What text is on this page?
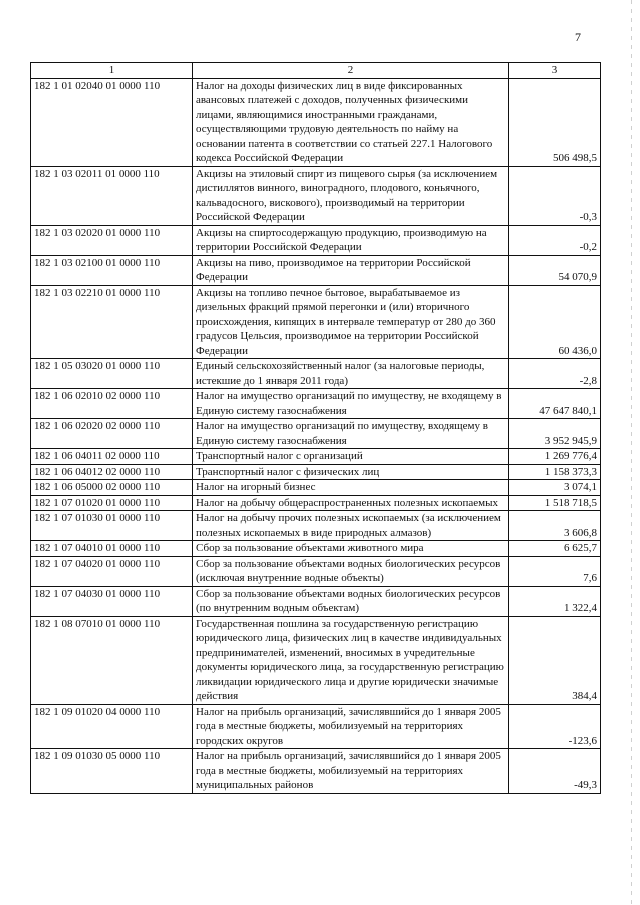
7
1	2	3
182 1 01 02040 01 0000 110	Налог на доходы физических лиц в виде фиксированных авансовых платежей с доходов, полученных физическими лицами, являющимися иностранными гражданами, осуществляющими трудовую деятельность по найму на основании патента в соответствии со статьей 227.1 Налогового кодекса Российской Федерации	506 498,5
182 1 03 02011 01 0000 110	Акцизы на этиловый спирт из пищевого сырья (за исключением дистиллятов винного, виноградного, плодового, коньячного, кальвадосного, вискового), производимый на территории Российской Федерации	-0,3
182 1 03 02020 01 0000 110	Акцизы на спиртосодержащую продукцию, производимую на территории Российской Федерации	-0,2
182 1 03 02100 01 0000 110	Акцизы на пиво, производимое на территории Российской Федерации	54 070,9
182 1 03 02210 01 0000 110	Акцизы на топливо печное бытовое, вырабатываемое из дизельных фракций прямой перегонки и (или) вторичного происхождения, кипящих в интервале температур от 280 до 360 градусов Цельсия, производимое на территории Российской Федерации	60 436,0
182 1 05 03020 01 0000 110	Единый сельскохозяйственный налог (за налоговые периоды, истекшие до 1 января 2011 года)	-2,8
182 1 06 02010 02 0000 110	Налог на имущество организаций по имуществу, не входящему в Единую систему газоснабжения	47 647 840,1
182 1 06 02020 02 0000 110	Налог на имущество организаций по имуществу, входящему в Единую систему газоснабжения	3 952 945,9
182 1 06 04011 02 0000 110	Транспортный налог с организаций	1 269 776,4
182 1 06 04012 02 0000 110	Транспортный налог с физических лиц	1 158 373,3
182 1 06 05000 02 0000 110	Налог на игорный бизнес	3 074,1
182 1 07 01020 01 0000 110	Налог на добычу общераспространенных полезных ископаемых	1 518 718,5
182 1 07 01030 01 0000 110	Налог на добычу прочих полезных ископаемых (за исключением полезных ископаемых в виде природных алмазов)	3 606,8
182 1 07 04010 01 0000 110	Сбор за пользование объектами животного мира	6 625,7
182 1 07 04020 01 0000 110	Сбор за пользование объектами водных биологических ресурсов (исключая внутренние водные объекты)	7,6
182 1 07 04030 01 0000 110	Сбор за пользование объектами водных биологических ресурсов (по внутренним водным объектам)	1 322,4
182 1 08 07010 01 0000 110	Государственная пошлина за государственную регистрацию юридического лица, физических лиц в качестве индивидуальных предпринимателей, изменений, вносимых в учредительные документы юридического лица, за государственную регистрацию ликвидации юридического лица и другие юридически значимые действия	384,4
182 1 09 01020 04 0000 110	Налог на прибыль организаций, зачислявшийся до 1 января 2005 года в местные бюджеты, мобилизуемый на территориях городских округов	-123,6
182 1 09 01030 05 0000 110	Налог на прибыль организаций, зачислявшийся до 1 января 2005 года в местные бюджеты, мобилизуемый на территориях муниципальных районов	-49,3
